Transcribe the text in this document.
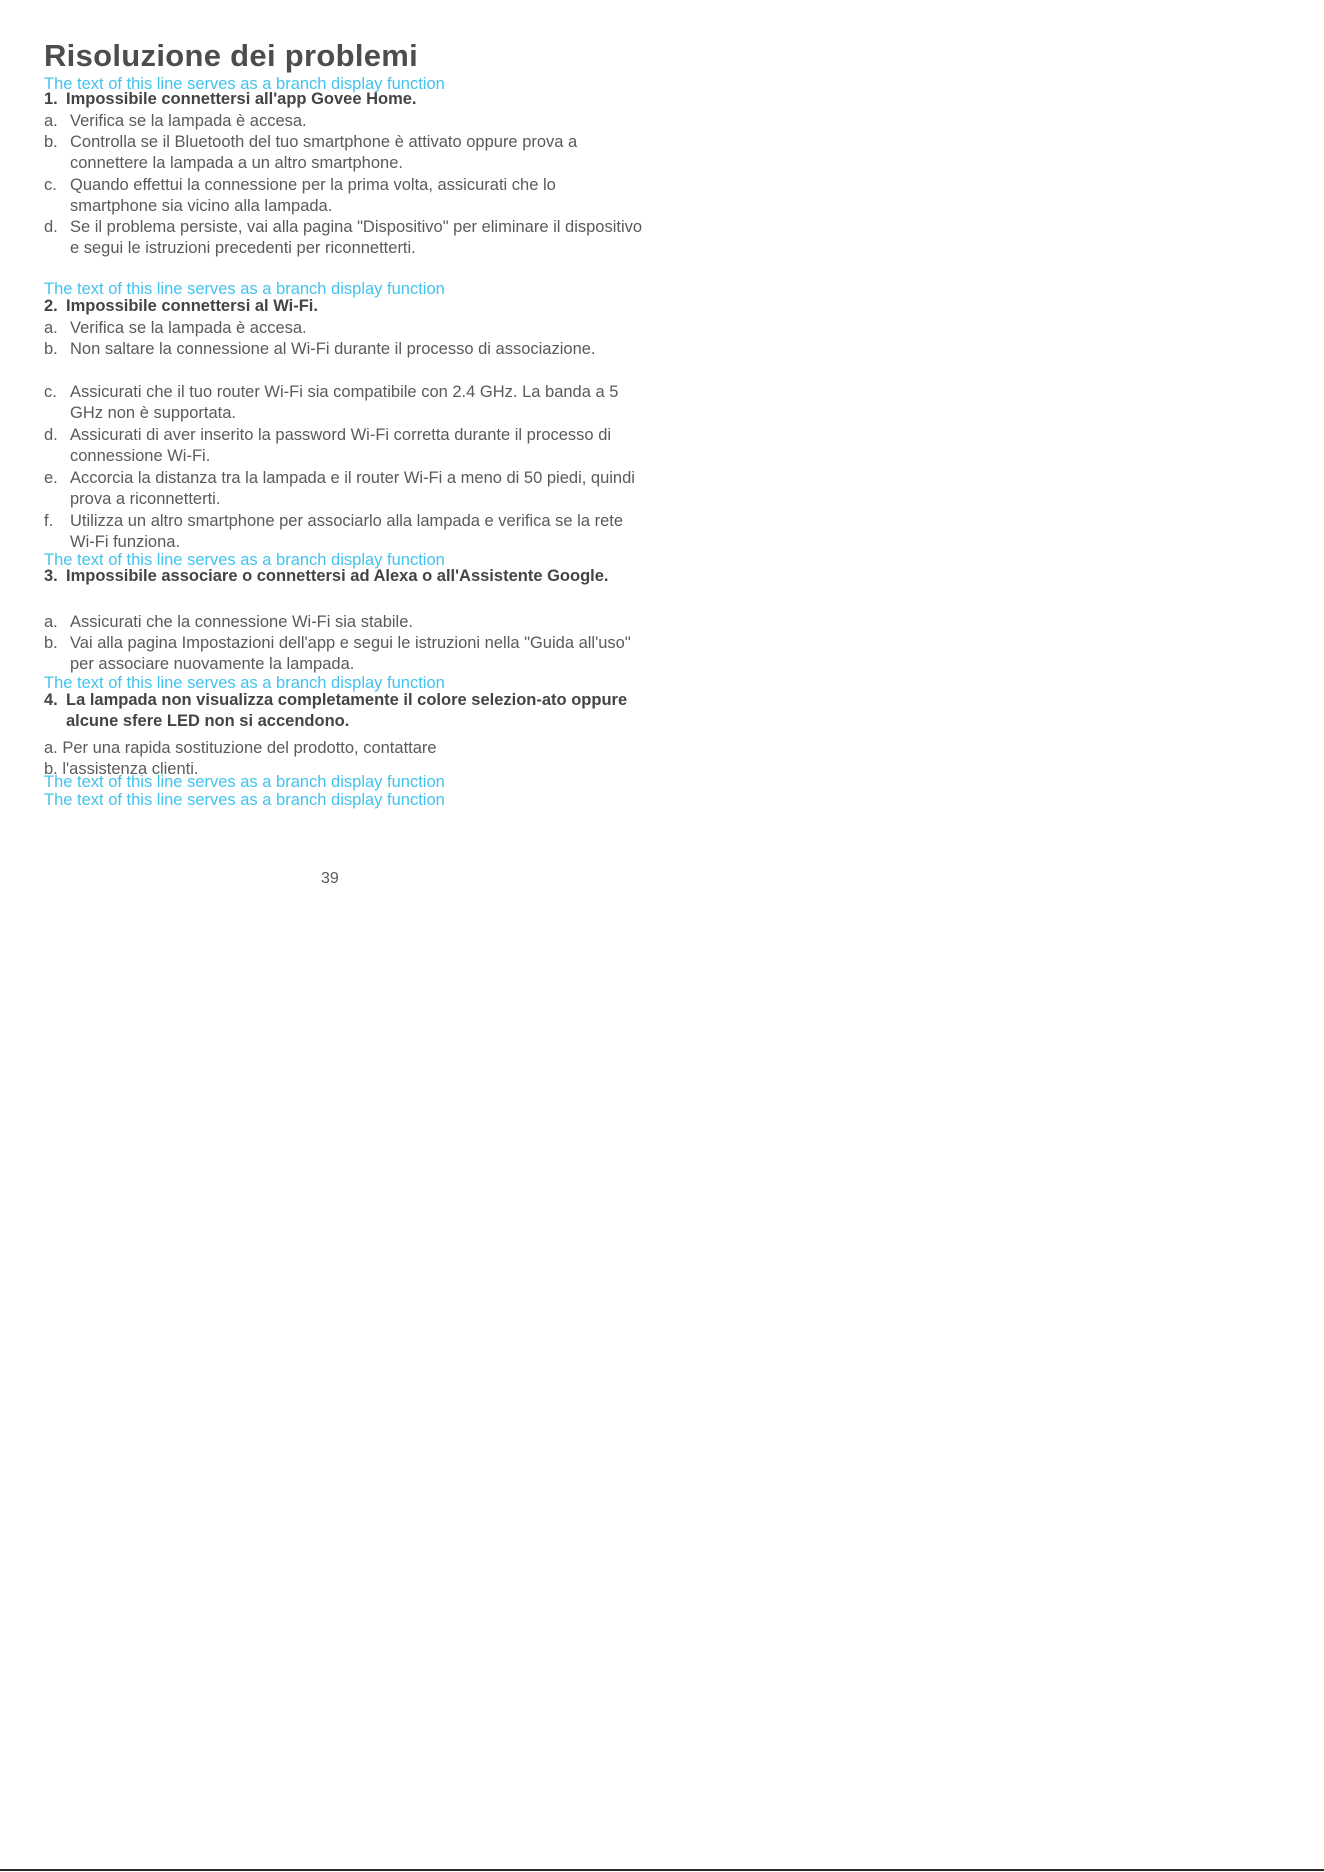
Risoluzione dei problemi
The text of this line serves as a branch display function
1. Impossibile connettersi all'app Govee Home.
a. Verifica se la lampada è accesa.
b. Controlla se il Bluetooth del tuo smartphone è attivato oppure prova a connettere la lampada a un altro smartphone.
c. Quando effettui la connessione per la prima volta, assicurati che lo smartphone sia vicino alla lampada.
d. Se il problema persiste, vai alla pagina "Dispositivo" per eliminare il dispositivo e segui le istruzioni precedenti per riconnetterti.
The text of this line serves as a branch display function
2. Impossibile connettersi al Wi-Fi.
a. Verifica se la lampada è accesa.
b. Non saltare la connessione al Wi-Fi durante il processo di associazione.
c. Assicurati che il tuo router Wi-Fi sia compatibile con 2.4 GHz. La banda a 5 GHz non è supportata.
d. Assicurati di aver inserito la password Wi-Fi corretta durante il processo di connessione Wi-Fi.
e. Accorcia la distanza tra la lampada e il router Wi-Fi a meno di 50 piedi, quindi prova a riconnetterti.
f.	Utilizza un altro smartphone per associarlo alla lampada e verifica se la rete Wi-Fi funziona.
The text of this line serves as a branch display function
3. Impossibile associare o connettersi ad Alexa o all'Assistente Google.
a. Assicurati che la connessione Wi-Fi sia stabile.
b. Vai alla pagina Impostazioni dell'app e segui le istruzioni nella "Guida all'uso" per associare nuovamente la lampada.
The text of this line serves as a branch display function
4. La lampada non visualizza completamente il colore selezion-ato oppure alcune sfere LED non si accendono.
a. Per una rapida sostituzione del prodotto, contattare
b. l'assistenza clienti.
The text of this line serves as a branch display function
The text of this line serves as a branch display function
39
